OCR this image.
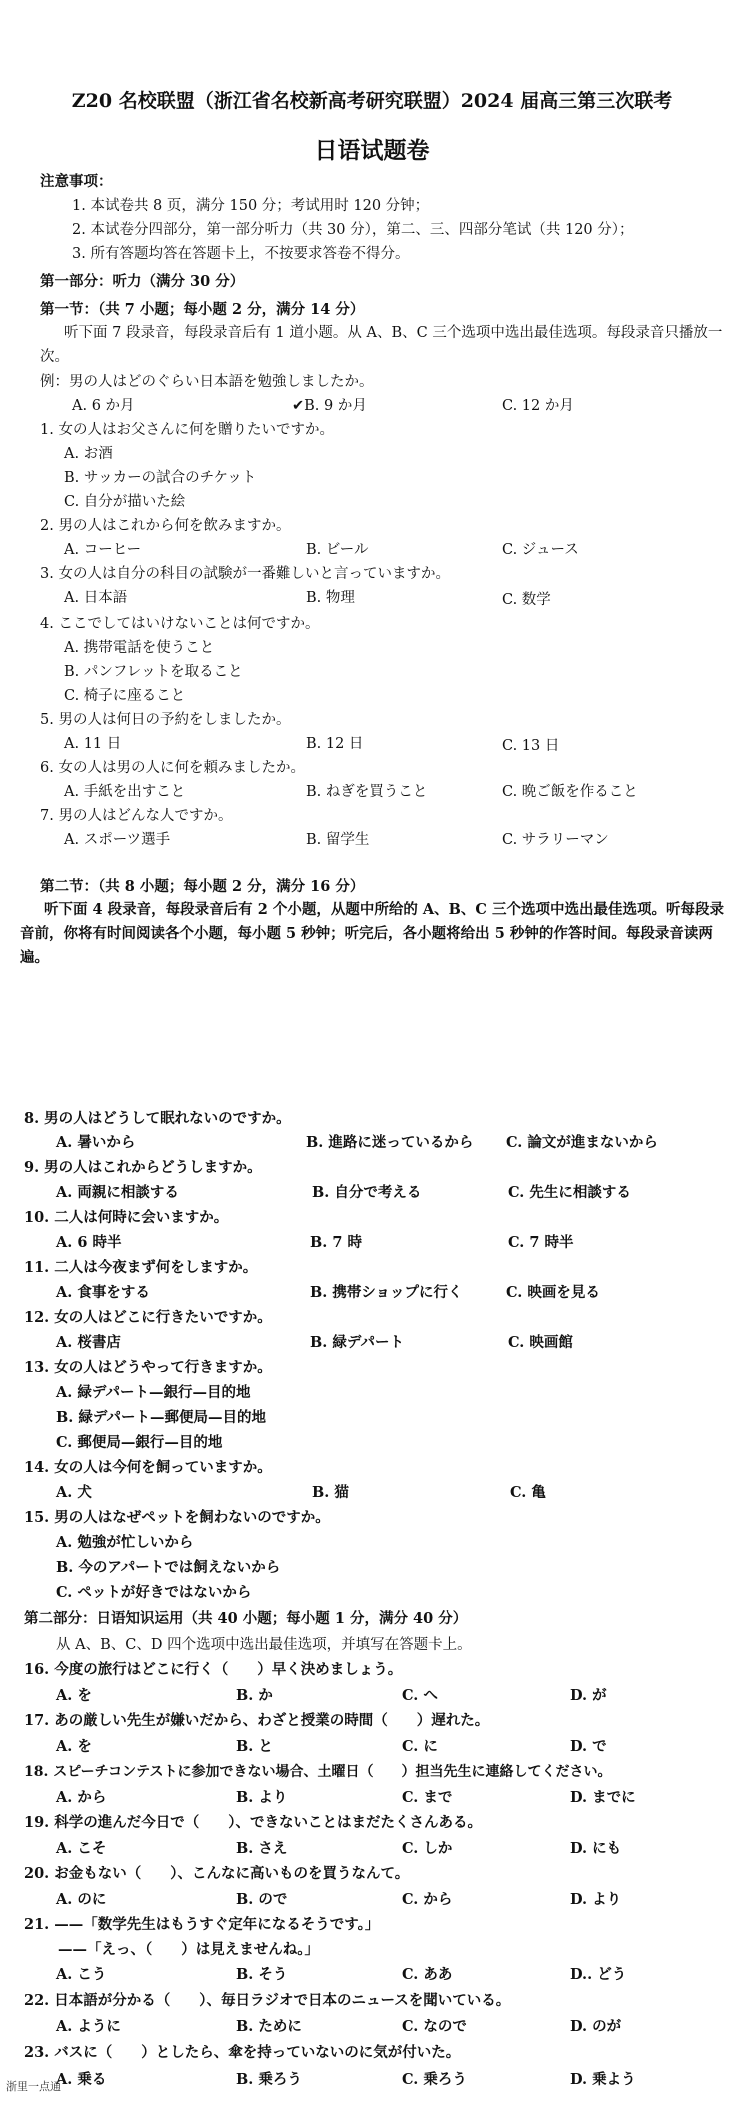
Z20 名校联盟（浙江省名校新高考研究联盟）2024 届高三第三次联考
日语试题卷
注意事项：
1. 本试卷共 8 页，满分 150 分；考试用时 120 分钟；
2. 本试卷分四部分，第一部分听力（共 30 分），第二、三、四部分笔试（共 120 分）；
3. 所有答题均答在答题卡上，不按要求答卷不得分。
第一部分：听力（满分 30 分）
第一节：（共 7 小题；每小题 2 分，满分 14 分）
听下面 7 段录音，每段录音后有 1 道小题。从 A、B、C 三个选项中选出最佳选项。每段录音只播放一次。
例：男の人はどのぐらい日本語を勉強しましたか。
A. 6 か月	✔B. 9 か月	C. 12 か月
1. 女の人はお父さんに何を贈りたいですか。
A. お酒
B. サッカーの試合のチケット
C. 自分が描いた絵
2. 男の人はこれから何を飲みますか。
A. コーヒー	B. ビール	C. ジュース
3. 女の人は自分の科目の試験が一番難しいと言っていますか。
A. 日本語	B. 物理	C. 数学
4. ここでしてはいけないことは何ですか。
A. 携帯電話を使うこと
B. パンフレットを取ること
C. 椅子に座ること
5. 男の人は何日の予約をしましたか。
A. 11 日	B. 12 日	C. 13 日
6. 女の人は男の人に何を頼みましたか。
A. 手紙を出すこと	B. ねぎを買うこと	C. 晩ご飯を作ること
7. 男の人はどんな人ですか。
A. スポーツ選手	B. 留学生	C. サラリーマン
第二节：（共 8 小题；每小题 2 分，满分 16 分）
听下面 4 段录音，每段录音后有 2 个小题，从题中所给的 A、B、C 三个选项中选出最佳选项。听每段录音前，你将有时间阅读各个小题，每小题 5 秒钟；听完后，各小题将给出 5 秒钟的作答时间。每段录音读两遍。
8. 男の人はどうして眠れないのですか。
A. 暑いから	B. 進路に迷っているから C. 論文が進まないから
9. 男の人はこれからどうしますか。
A. 両親に相談する	B. 自分で考える	C. 先生に相談する
10. 二人は何時に会いますか。
A. 6 時半	B. 7 時	C. 7 時半
11. 二人は今夜まず何をしますか。
A. 食事をする	B. 携帯ショップに行く	C. 映画を見る
12. 女の人はどこに行きたいですか。
A. 桜書店	B. 緑デパート	C. 映画館
13. 女の人はどうやって行きますか。
A. 緑デパート—銀行—目的地
B. 緑デパート—郵便局—目的地
C. 郵便局—銀行—目的地
14. 女の人は今何を飼っていますか。
A. 犬	B. 猫	C. 亀
15. 男の人はなぜペットを飼わないのですか。
A. 勉強が忙しいから
B. 今のアパートでは飼えないから
C. ペットが好きではないから
第二部分：日语知识运用（共 40 小题；每小题 1 分，满分 40 分）
从 A、B、C、D 四个选项中选出最佳选项，并填写在答题卡上。
16. 今度の旅行はどこに行く（　　）早く決めましょう。
A. を	B. か	C. へ	D. が
17. あの厳しい先生が嫌いだから、わざと授業の時間（　　）遅れた。
A. を	B. と	C. に	D. で
18. スピーチコンテストに参加できない場合、土曜日（　　）担当先生に連絡してください。
A. から	B. より	C. まで	D. までに
19. 科学の進んだ今日で（　　）、できないことはまだたくさんある。
A. こそ	B. さえ	C. しか	D. にも
20. お金もない（　　）、こんなに高いものを買うなんて。
A. のに	B. ので	C. から	D. より
21. ——「数学先生はもうすぐ定年になるそうです。」
——「えっ、（　　）は見えませんね。」
A. こう	B. そう	C. ああ	D.. どう
22. 日本語が分かる（　　）、毎日ラジオで日本のニュースを聞いている。
A. ように	B. ために	C. なので	D. のが
23. バスに（　　）としたら、傘を持っていないのに気が付いた。
A. 乗る	B. 乗ろう	C. 乗ろう	D. 乗よう
浙里一点通
